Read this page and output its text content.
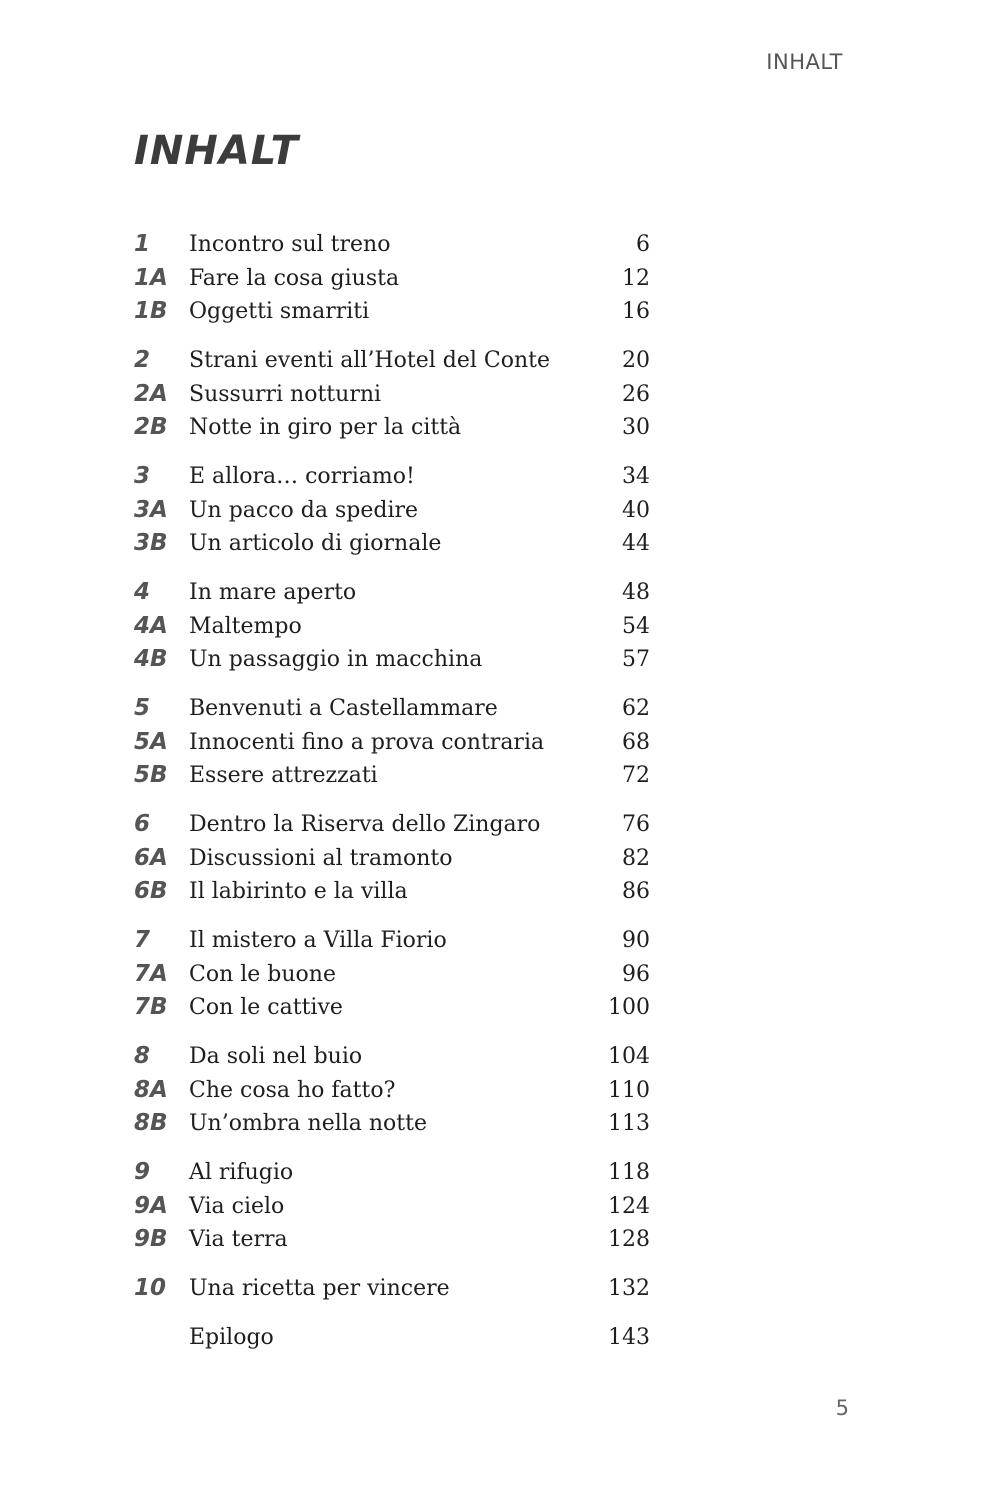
INHALT
INHALT
1	Incontro sul treno	6
1A Fare la cosa giusta	12
1B Oggetti smarriti	16
2	Strani eventi all’Hotel del Conte	20
2A Sussurri notturni	26
2B Notte in giro per la città	30
3	E allora… corriamo!	34
3A Un pacco da spedire	40
3B Un articolo di giornale	44
4	In mare aperto	48
4A Maltempo	54
4B Un passaggio in macchina	57
5	Benvenuti a Castellammare	62
5A Innocenti fino a prova contraria	68
5B Essere attrezzati	72
6	Dentro la Riserva dello Zingaro	76
6A Discussioni al tramonto	82
6B Il labirinto e la villa	86
7	Il mistero a Villa Fiorio	90
7A Con le buone	96
7B Con le cattive	100
8	Da soli nel buio	104
8A Che cosa ho fatto?	110
8B Un’ombra nella notte	113
9	Al rifugio	118
9A Via cielo	124
9B Via terra	128
10	Una ricetta per vincere	132
Epilogo	143
5
